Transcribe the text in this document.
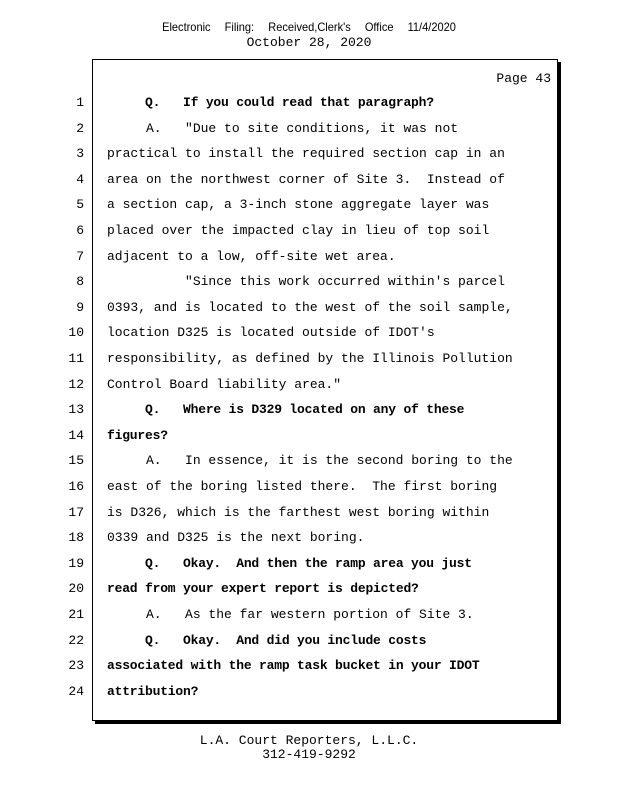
Electronic Filing: Received,Clerk's Office 11/4/2020
October 28, 2020
Page 43
1 Q.   If you could read that paragraph?
2 A.   "Due to site conditions, it was not
3 practical to install the required section cap in an
4 area on the northwest corner of Site 3.  Instead of
5 a section cap, a 3-inch stone aggregate layer was
6 placed over the impacted clay in lieu of top soil
7 adjacent to a low, off-site wet area.
8 "Since this work occurred within's parcel
9 0393, and is located to the west of the soil sample,
10 location D325 is located outside of IDOT's
11 responsibility, as defined by the Illinois Pollution
12 Control Board liability area."
13 Q.   Where is D329 located on any of these
14 figures?
15 A.   In essence, it is the second boring to the
16 east of the boring listed there.  The first boring
17 is D326, which is the farthest west boring within
18 0339 and D325 is the next boring.
19 Q.   Okay.  And then the ramp area you just
20 read from your expert report is depicted?
21 A.   As the far western portion of Site 3.
22 Q.   Okay.  And did you include costs
23 associated with the ramp task bucket in your IDOT
24 attribution?
L.A. Court Reporters, L.L.C.
312-419-9292
